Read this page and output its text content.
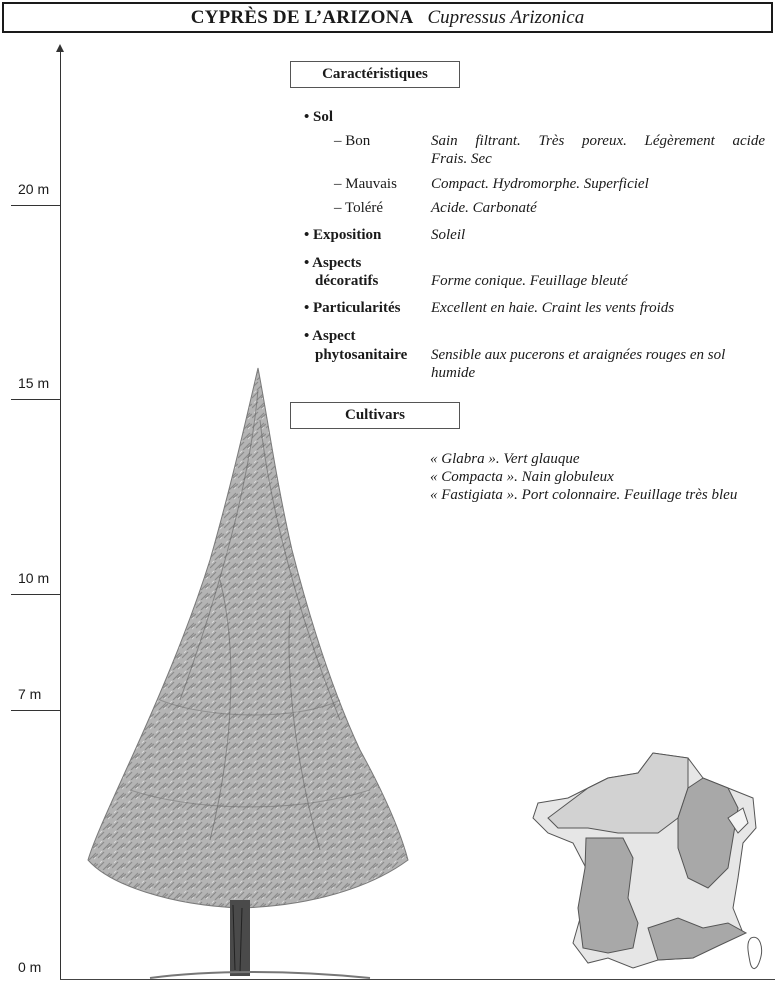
CYPRÈS DE L’ARIZONA Cupressus Arizonica
20 m
15 m
10 m
7 m
0 m
Caractéristiques
• Sol
– Bon	Sain filtrant. Très poreux. Légèrement acide
Frais. Sec
– Mauvais Compact. Hydromorphe. Superficiel
– Toléré	Acide. Carbonaté
• Exposition	Soleil
• Aspects
décoratifs	Forme conique. Feuillage bleuté
• Particularités Excellent en haie. Craint les vents froids
• Aspect
phytosanitaire Sensible aux pucerons et araignées rouges en sol
humide
Cultivars
« Glabra ». Vert glauque
« Compacta ». Nain globuleux
« Fastigiata ». Port colonnaire. Feuillage très bleu
